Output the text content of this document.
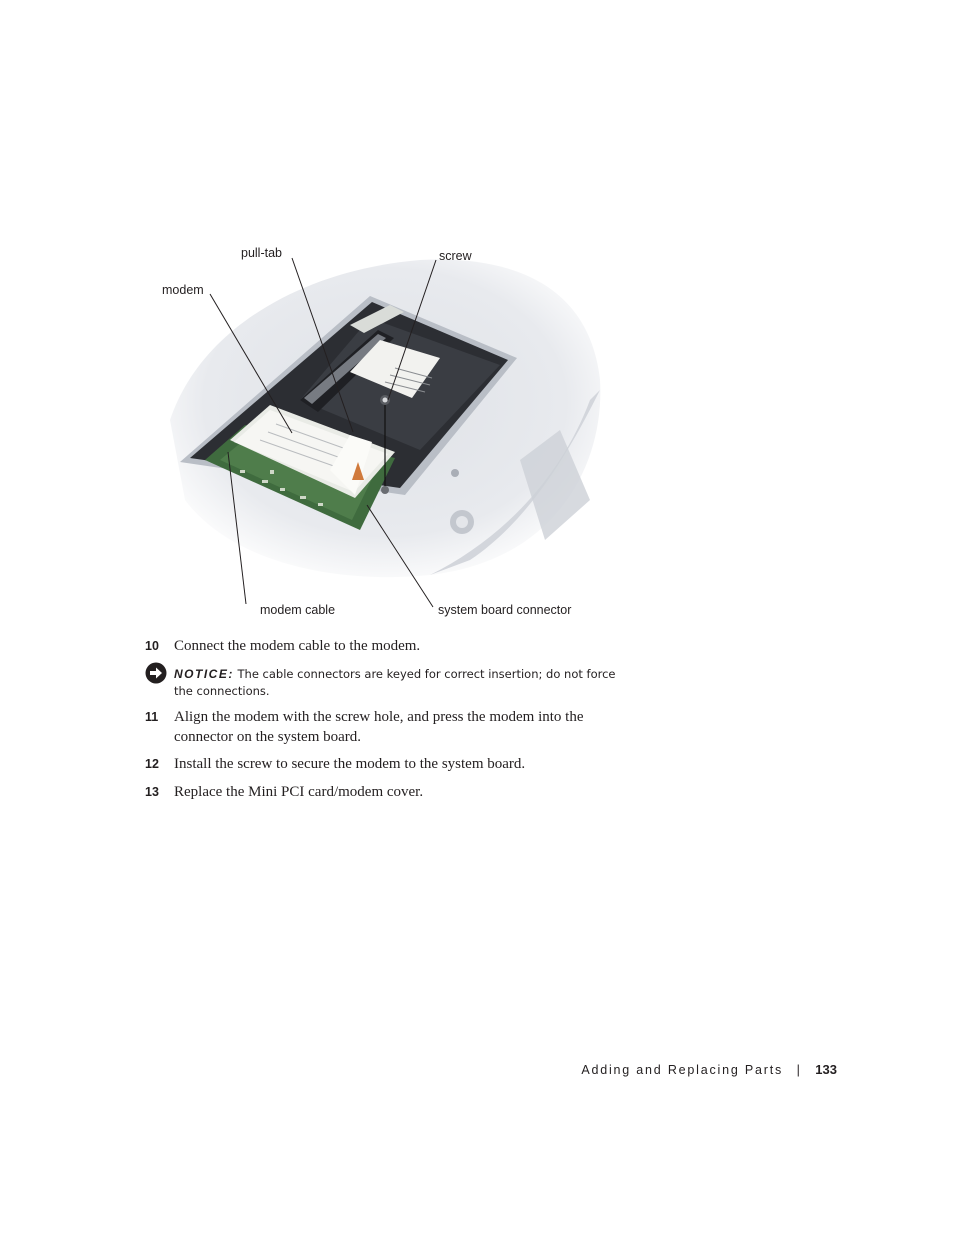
pull-tab	screw
modem
modem cable	system board connector
10 Connect the modem cable to the modem.
NOTICE: The cable connectors are keyed for correct insertion; do not force the connections.
11 Align the modem with the screw hole, and press the modem into the connector on the system board.
12 Install the screw to secure the modem to the system board.
13 Replace the Mini PCI card/modem cover.
Adding and Replacing Parts | 133
